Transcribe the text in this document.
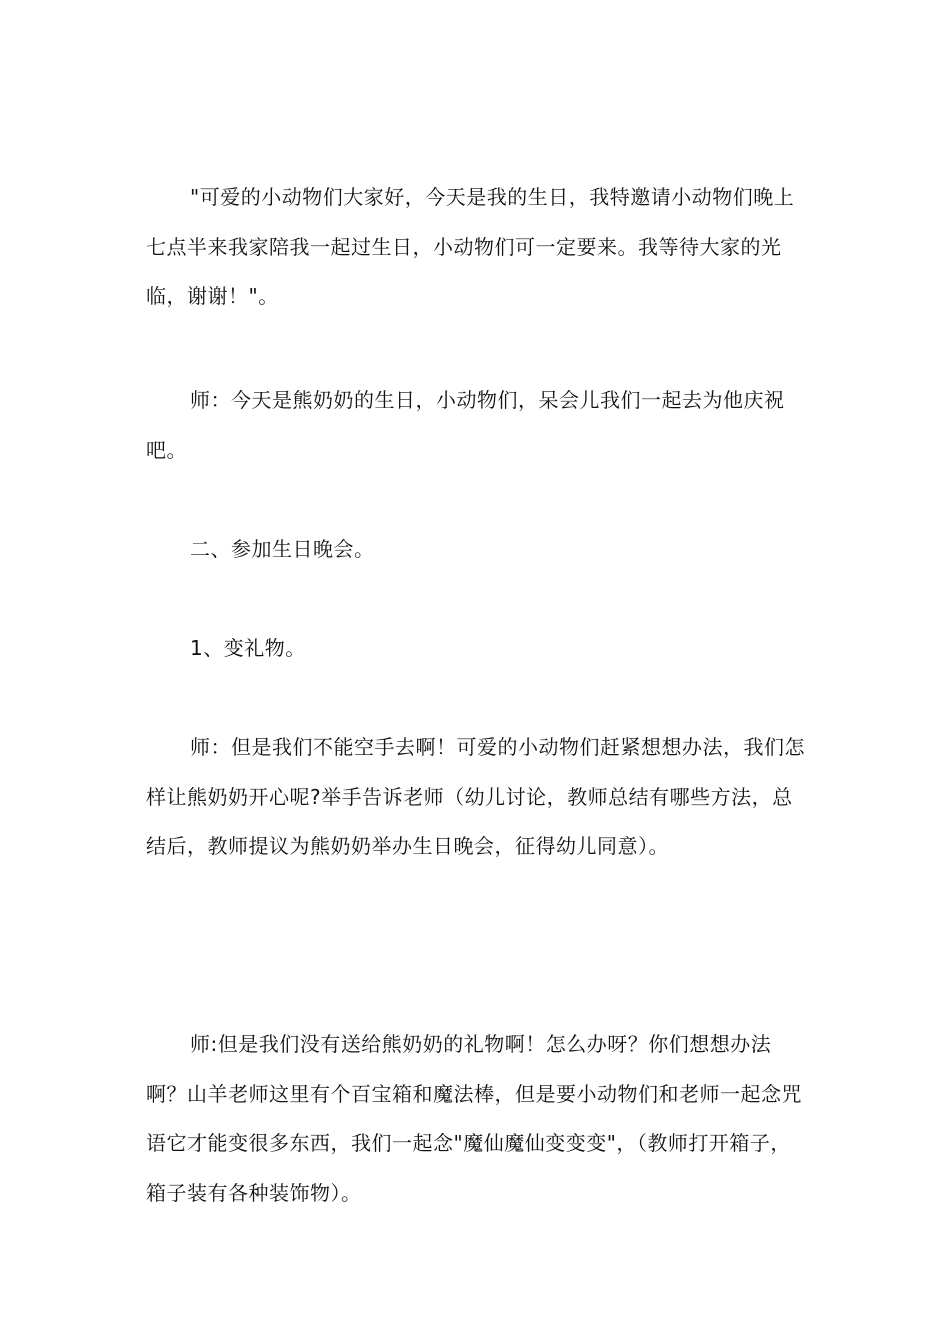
"可爱的小动物们大家好，今天是我的生日，我特邀请小动物们晚上七点半来我家陪我一起过生日，小动物们可一定要来。我等待大家的光临，谢谢！"。

师：今天是熊奶奶的生日，小动物们，呆会儿我们一起去为他庆祝吧。

二、参加生日晚会。

1、变礼物。

师：但是我们不能空手去啊！可爱的小动物们赶紧想想办法，我们怎样让熊奶奶开心呢?举手告诉老师（幼儿讨论，教师总结有哪些方法，总结后，教师提议为熊奶奶举办生日晚会，征得幼儿同意）。

师:但是我们没有送给熊奶奶的礼物啊！怎么办呀？你们想想办法啊？山羊老师这里有个百宝箱和魔法棒，但是要小动物们和老师一起念咒语它才能变很多东西，我们一起念"魔仙魔仙变变变"，（教师打开箱子，箱子装有各种装饰物）。
